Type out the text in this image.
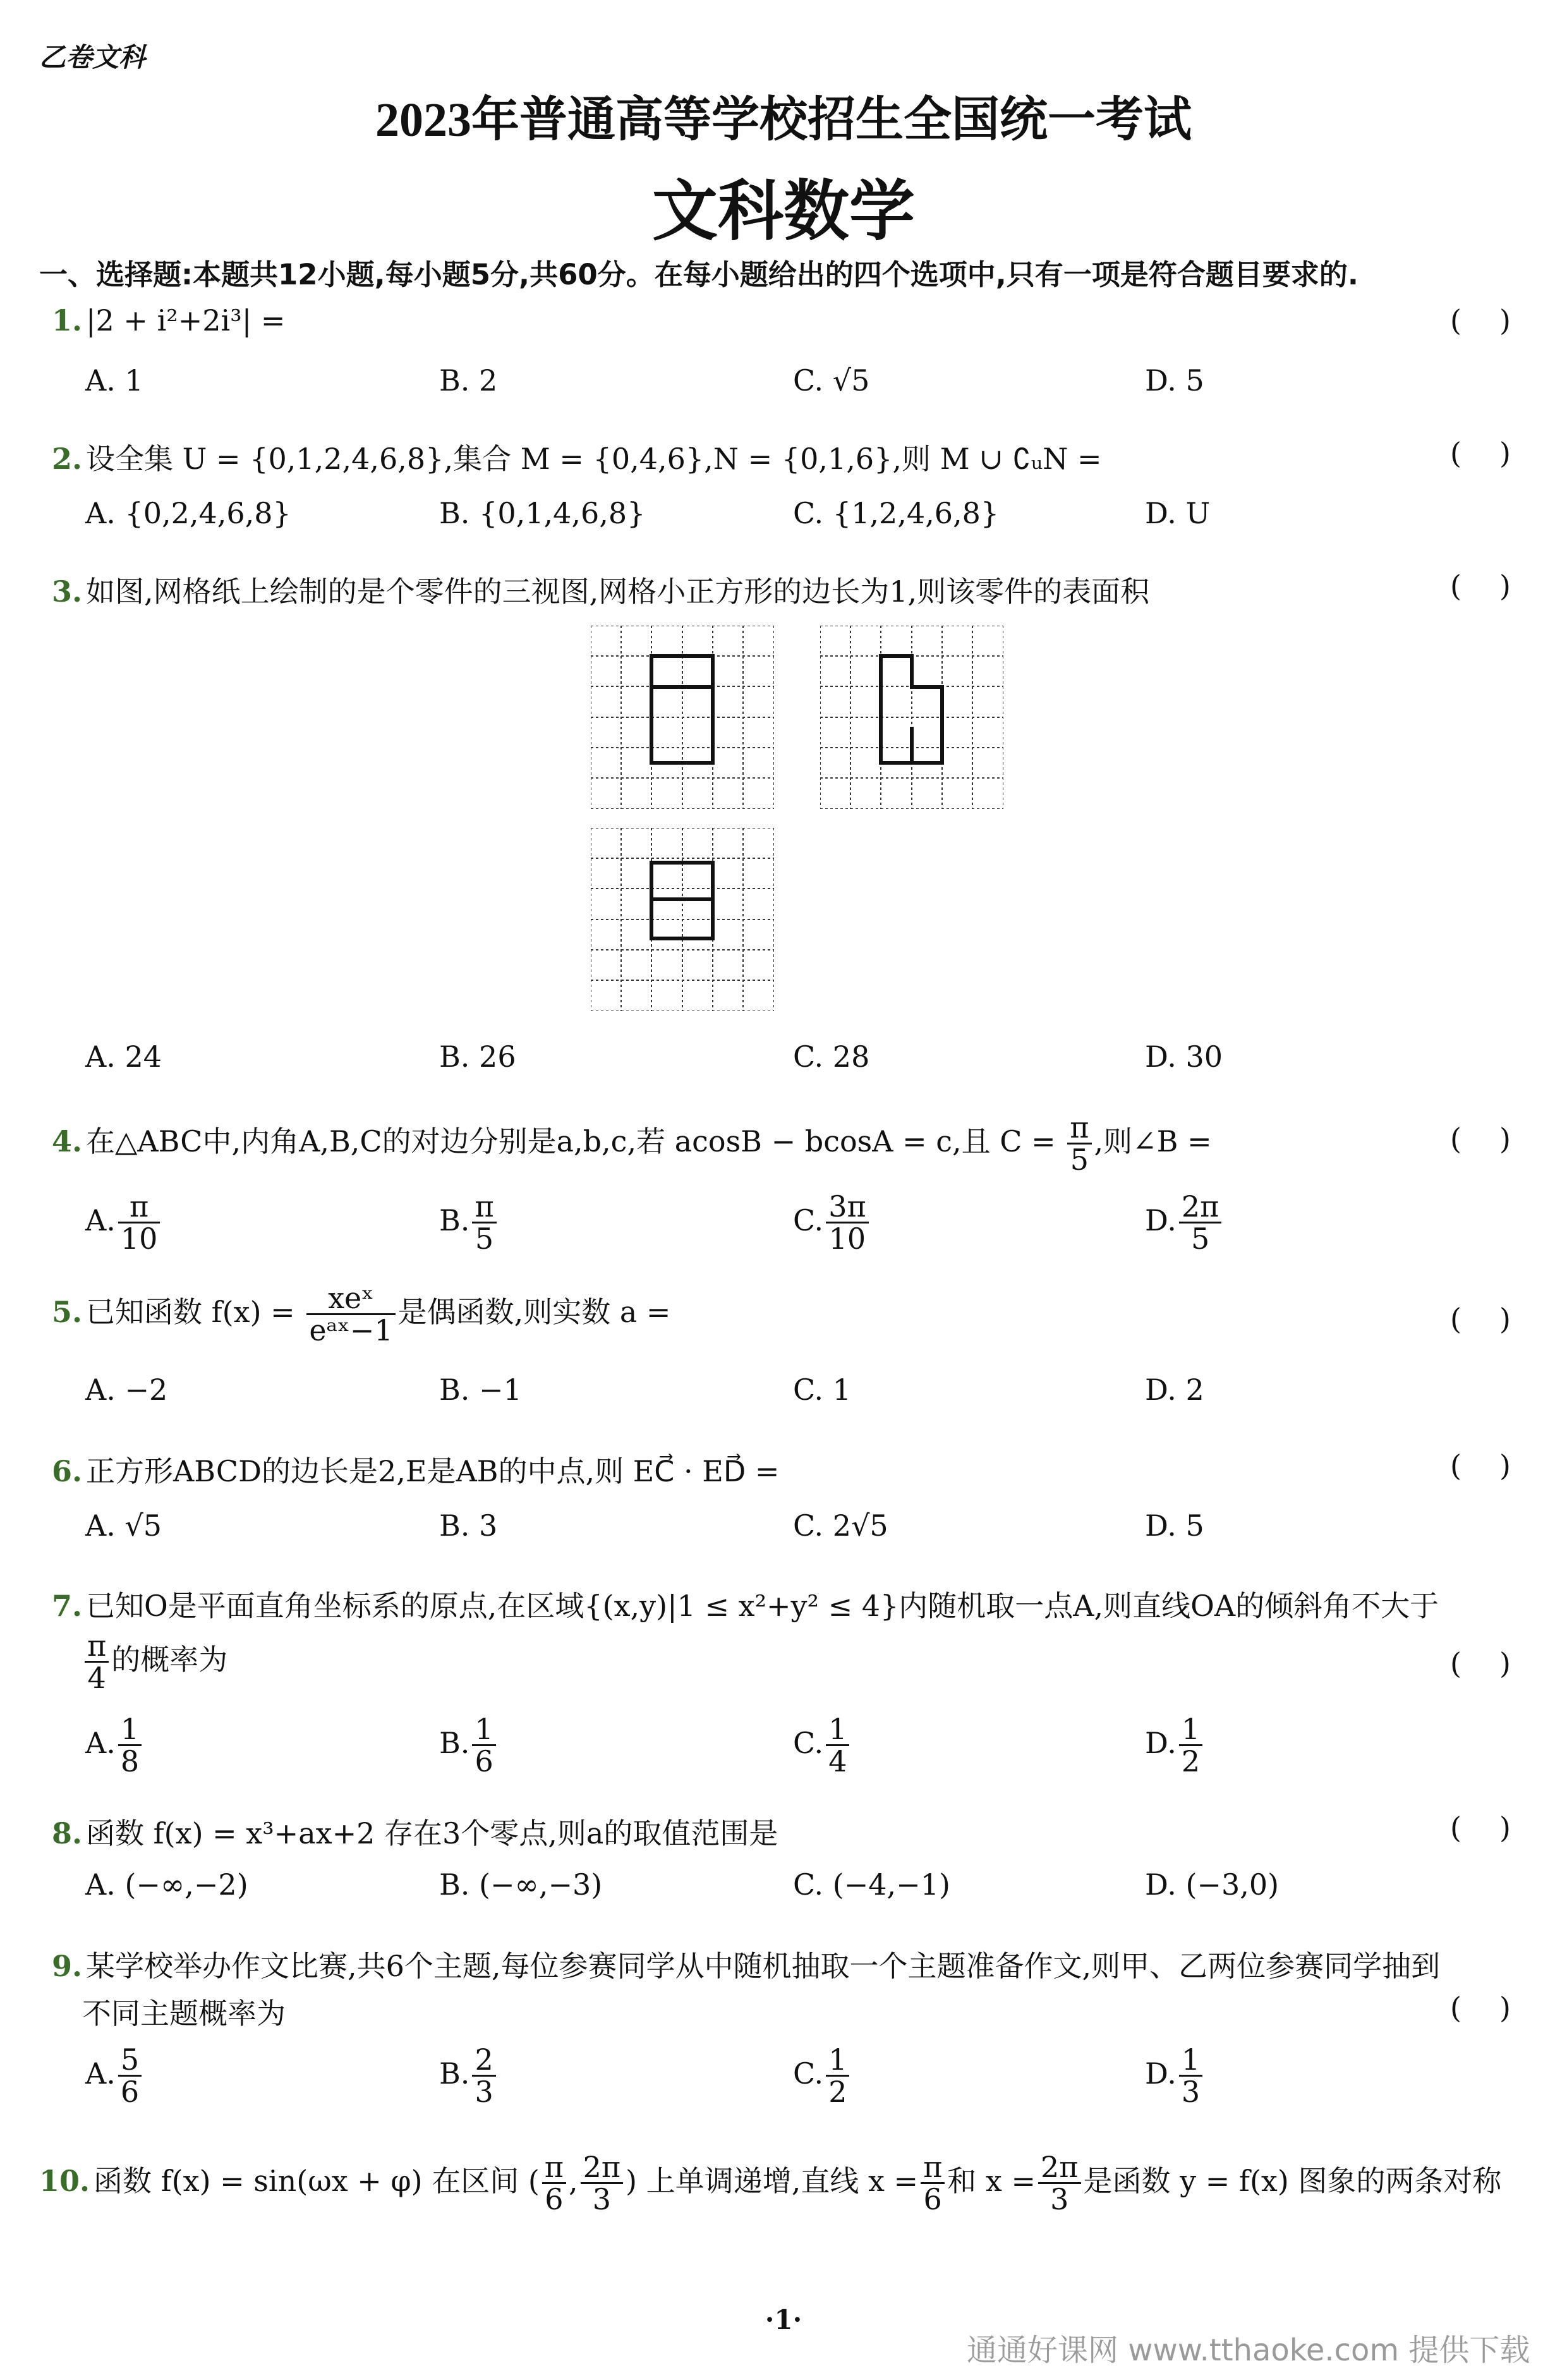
乙卷文科
2023年普通高等学校招生全国统一考试
文科数学
一、选择题:本题共12小题,每小题5分,共60分。在每小题给出的四个选项中,只有一项是符合题目要求的.
1. |2 + i²+2i³| =	()
A. 1	B. 2	C. √5	D. 5
2. 设全集 U = {0,1,2,4,6,8},集合 M = {0,4,6},N = {0,1,6},则 M ∪ ∁ᵤN =	()
A. {0,2,4,6,8}	B. {0,1,4,6,8}	C. {1,2,4,6,8}	D. U
3. 如图,网格纸上绘制的是个零件的三视图,网格小正方形的边长为1,则该零件的表面积	()
A. 24	B. 26	C. 28	D. 30
4. 在△ABC中,内角A,B,C的对边分别是a,b,c,若 acosB − bcosA = c,且 $C = \frac{\pi}{5}$ ,则∠B =	()
A. $\frac{\pi}{10}$	B. $\frac{\pi}{5}$	C. $\frac{3\pi}{10}$	D. $\frac{2\pi}{5}$
5. 已知函数 $f(x) = \frac{\text{xeˣ}}{\text{eᵃˣ−1}}$ 是偶函数,则实数 a =	()
A. −2	B. −1	C. 1	D. 2
6. 正方形ABCD的边长是2,E是AB的中点,则 EC⃗ · ED⃗ =	()
A. √5	B. 3	C. 2√5	D. 5
7. 已知O是平面直角坐标系的原点,在区域{(x,y)|1 ≤ x²+y² ≤ 4}内随机取一点A,则直线OA的倾斜角不大于
$\frac{\pi}{4}$ 的概率为	()
A. $\frac{1}{8}$	B. $\frac{1}{6}$	C. $\frac{1}{4}$	D. $\frac{1}{2}$
8. 函数 f(x) = x³+ax+2 存在3个零点,则a的取值范围是	()
A. (−∞,−2)	B. (−∞,−3)	C. (−4,−1)	D. (−3,0)
9. 某学校举办作文比赛,共6个主题,每位参赛同学从中随机抽取一个主题准备作文,则甲、乙两位参赛同学抽到
不同主题概率为	()
A. $\frac{5}{6}$	B. $\frac{2}{3}$	C. $\frac{1}{2}$	D. $\frac{1}{3}$
10. 函数 f(x) = sin(ωx + φ) 在区间 ( $\frac{\pi}{6}$ , $\frac{2\pi}{3}$ ) 上单调递增,直线 $x = \frac{\pi}{6}$ 和 $x = \frac{2\pi}{3}$ 是函数 y = f(x) 图象的两条对称
·1·
通通好课网 www.tthaoke.com 提供下载
